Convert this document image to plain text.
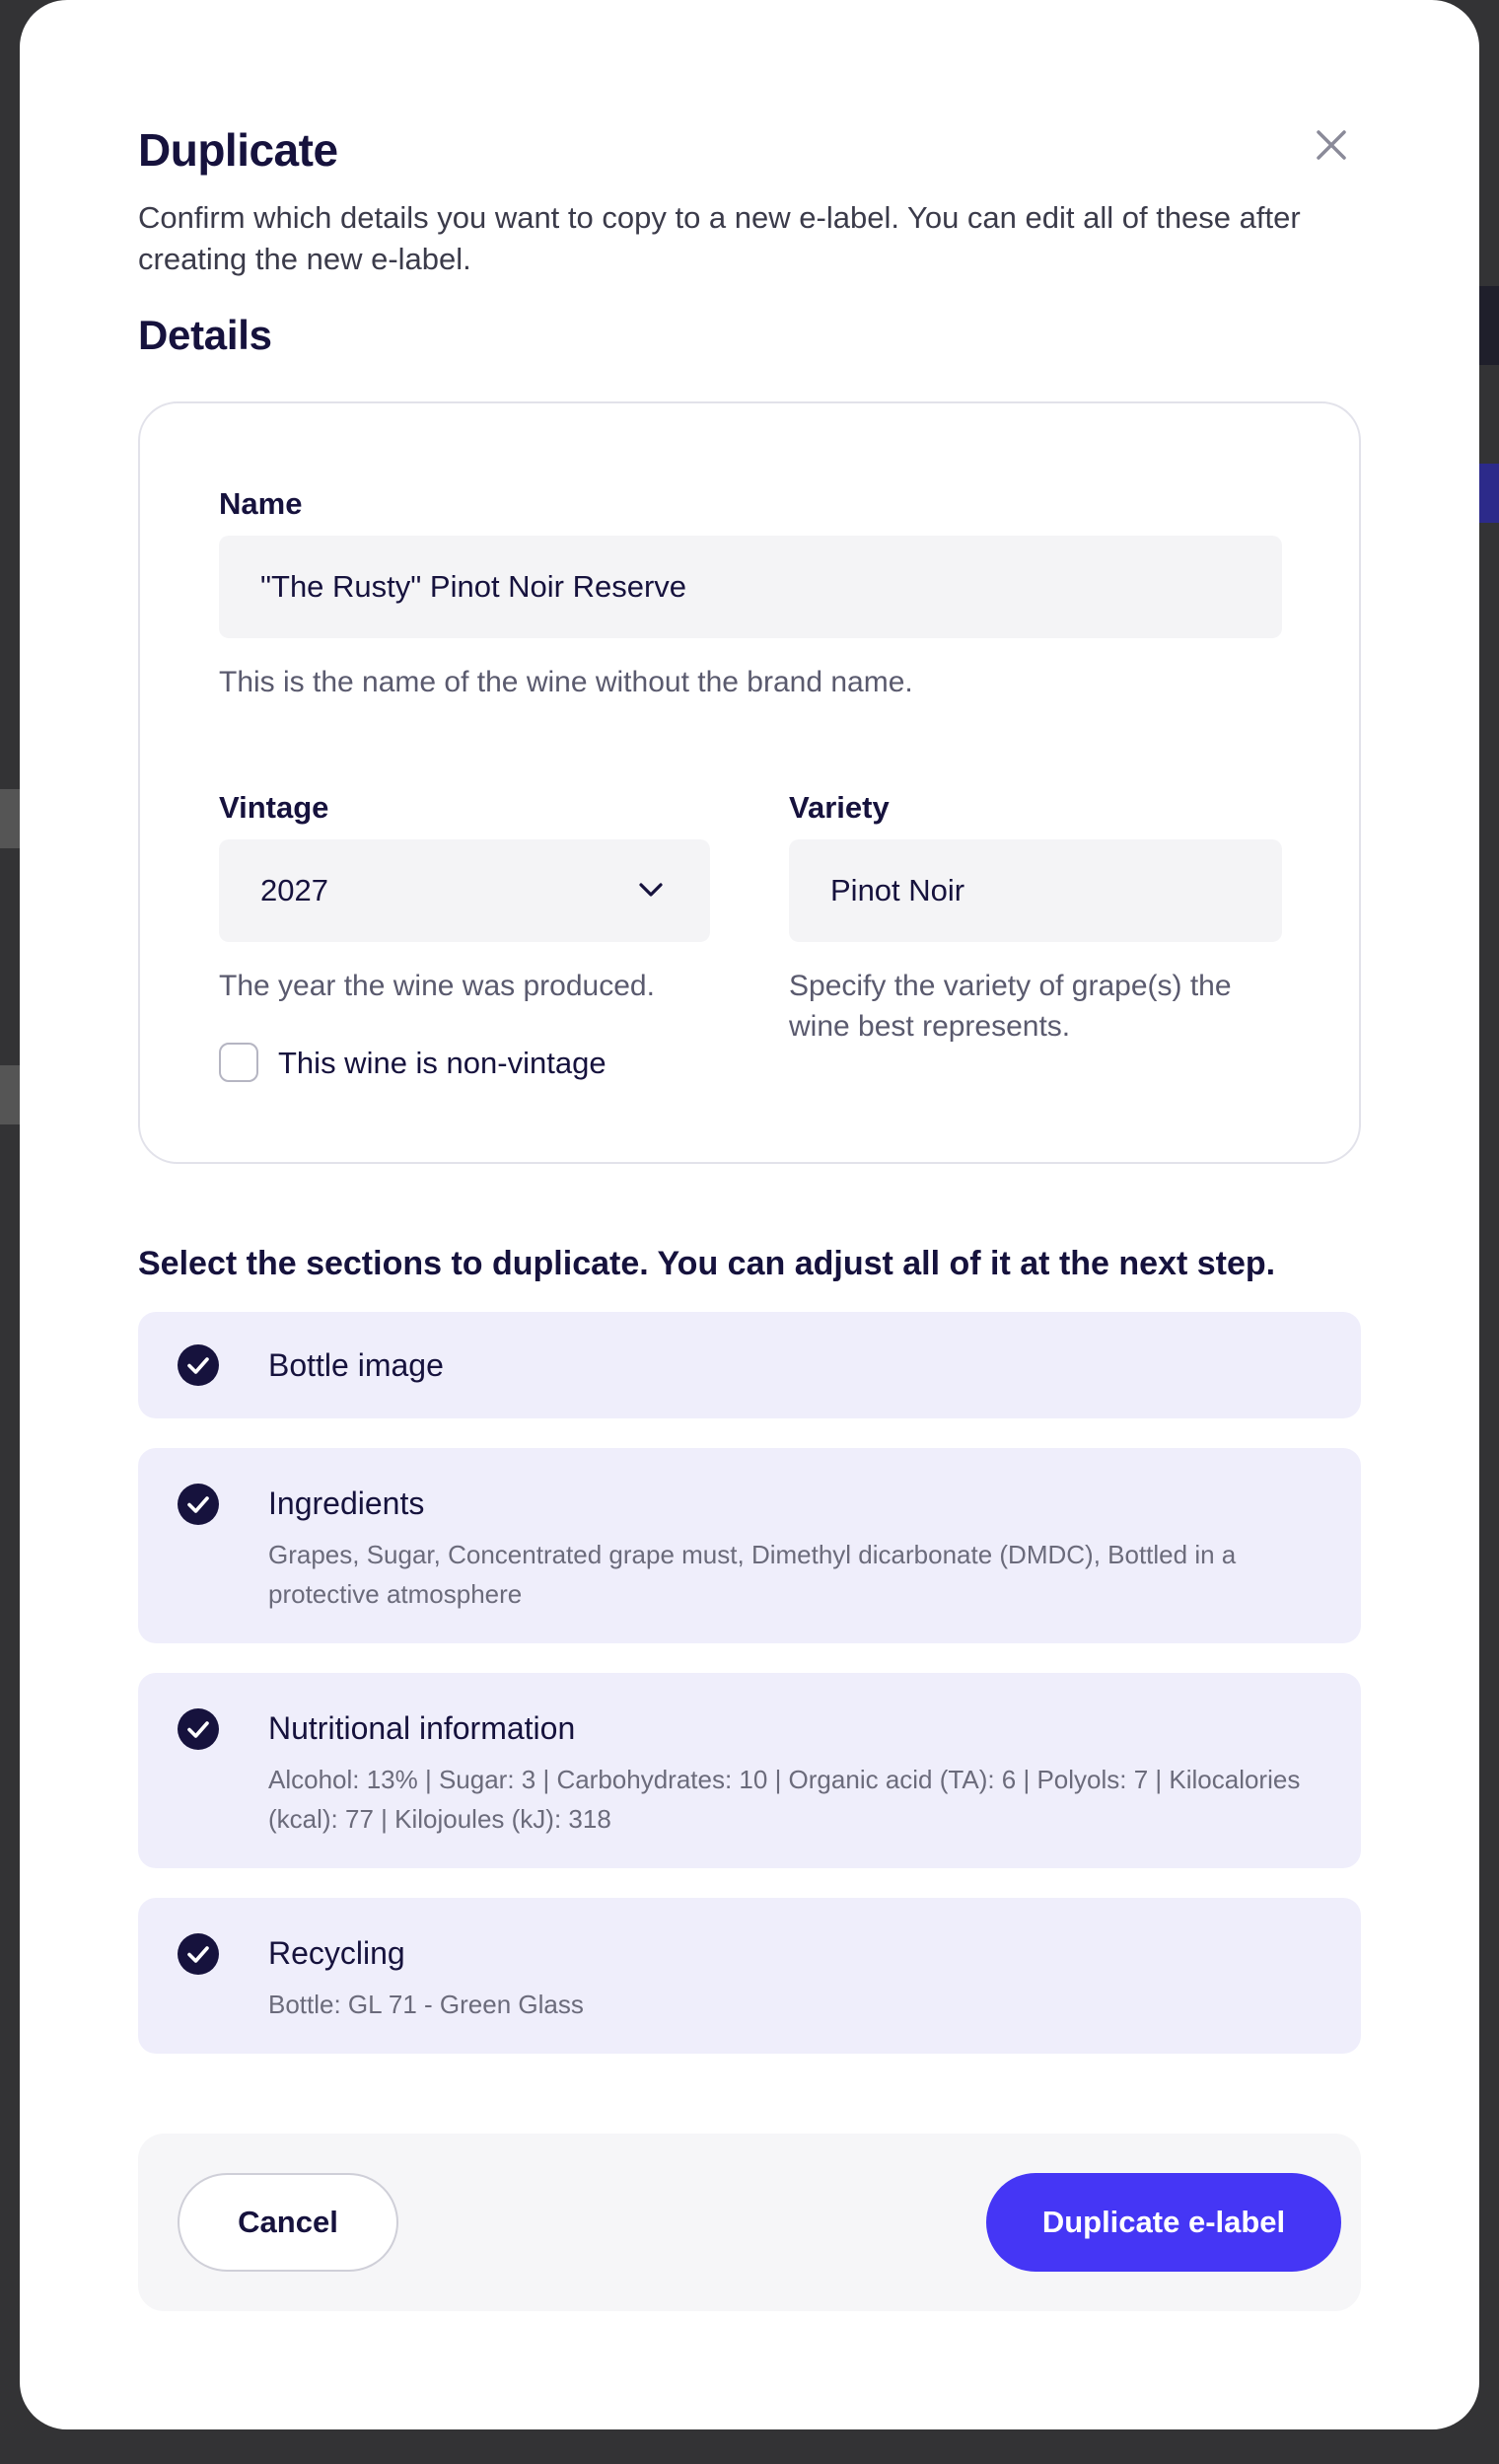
Duplicate
Confirm which details you want to copy to a new e-label. You can edit all of these after creating the new e-label.
Details
Name
"The Rusty" Pinot Noir Reserve
This is the name of the wine without the brand name.
Vintage
2027
The year the wine was produced.
This wine is non-vintage
Variety
Pinot Noir
Specify the variety of grape(s) the wine best represents.
Select the sections to duplicate. You can adjust all of it at the next step.
Bottle image
Ingredients
Grapes, Sugar, Concentrated grape must, Dimethyl dicarbonate (DMDC), Bottled in a protective atmosphere
Nutritional information
Alcohol: 13% | Sugar: 3 | Carbohydrates: 10 | Organic acid (TA): 6 | Polyols: 7 | Kilocalories (kcal): 77 | Kilojoules (kJ): 318
Recycling
Bottle: GL 71 - Green Glass
Cancel	Duplicate e-label
